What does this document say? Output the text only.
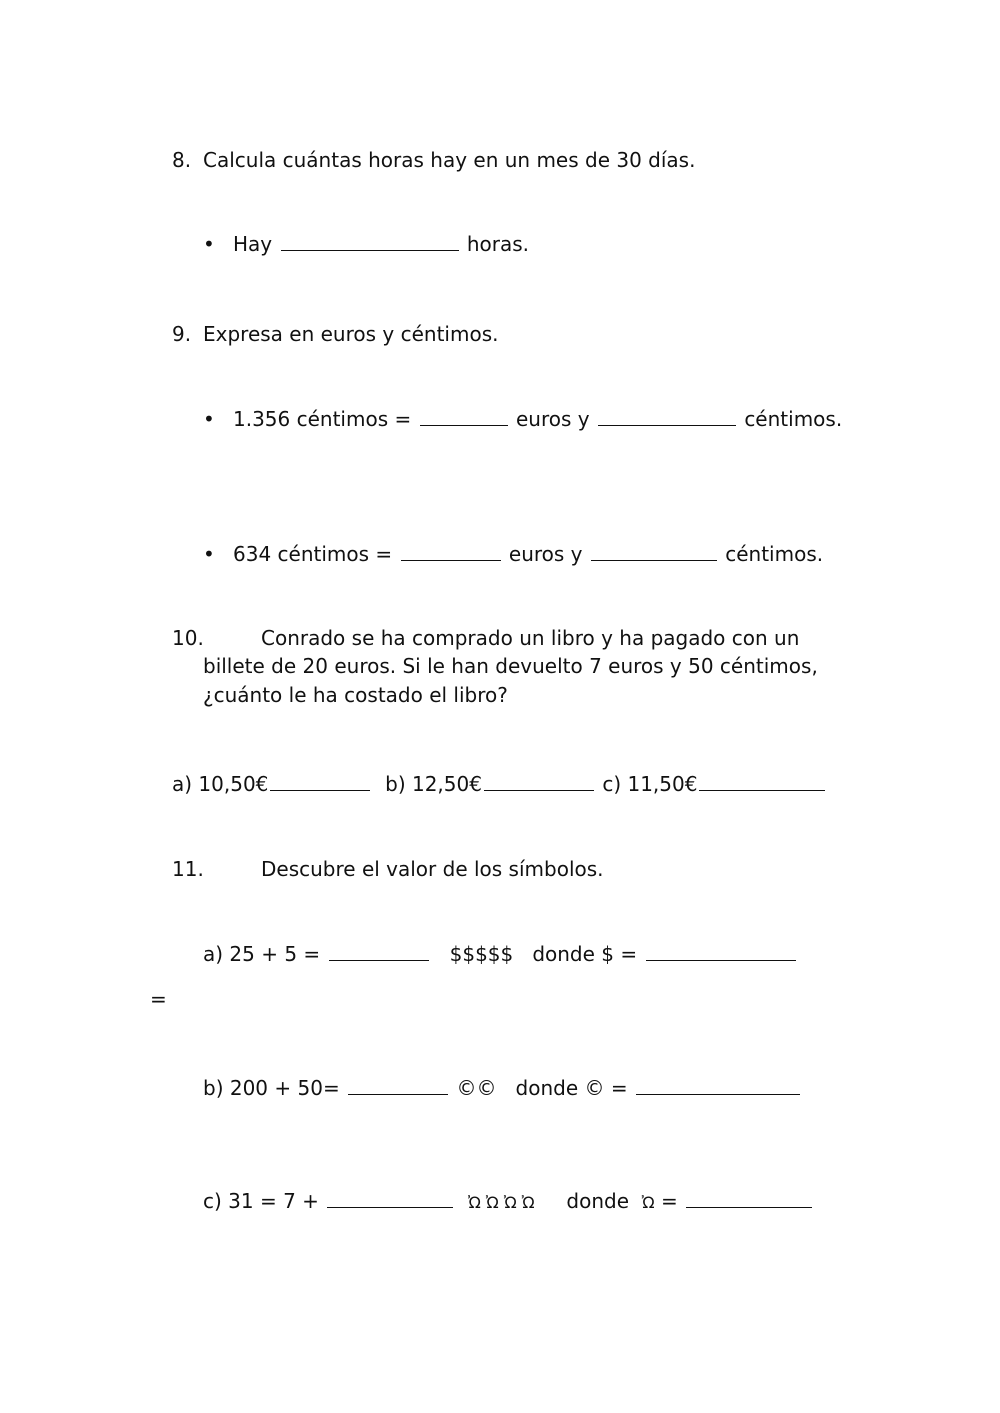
8. Calcula cuántas horas hay en un mes de 30 días.
• Hay	horas.
9. Expresa en euros y céntimos.
• 1.356 céntimos =	euros y	céntimos.
• 634 céntimos =	euros y	céntimos.
10.	Conrado se ha comprado un libro y ha pagado con un
billete de 20 euros. Si le han devuelto 7 euros y 50 céntimos,
¿cuánto le ha costado el libro?
a) 10,50€	b) 12,50€	c) 11,50€
11.	Descubre el valor de los símbolos.
a) 25 + 5 =	$$$$$ donde $ =
=
b) 200 + 50=	©© donde © =
c) 31 = 7 +	Ὠ Ὠ Ὠ Ὠ donde Ὠ =
